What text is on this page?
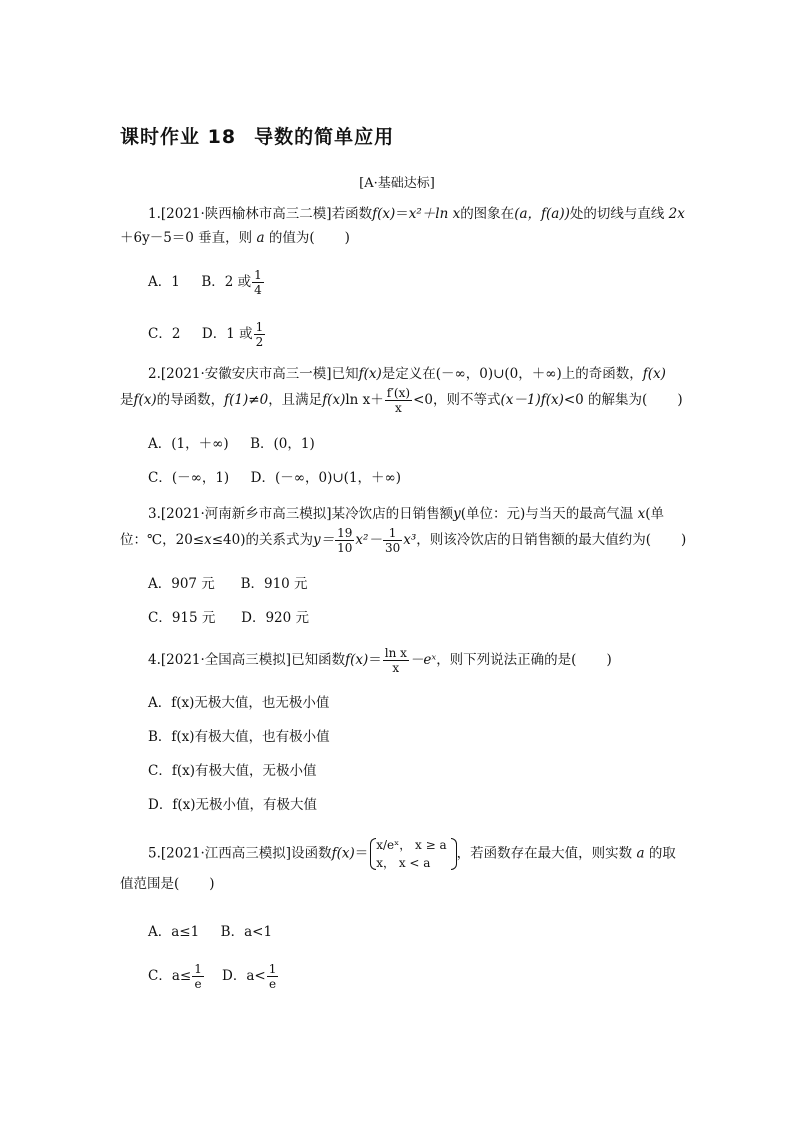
课时作业 18 导数的简单应用
[A·基础达标]
1.[2021·陕西榆林市高三二模]若函数f(x)＝x²＋ln x的图象在(a，f(a))处的切线与直线 2x
＋6y－5＝0 垂直，则 a 的值为( )
A．1 B．2 或 $\frac{1}{4}$
C．2 D．1 或 $\frac{1}{2}$
2.[2021·安徽安庆市高三一模]已知f(x)是定义在(－∞，0)∪(0，＋∞)上的奇函数，f(x)
是f(x)的导函数，f(1)≠0，且满足f(x)ln $x+ \frac{f'(x)}{x} <0$，则不等式(x－1)f(x)<0 的解集为( )
A．(1，＋∞) B．(0，1)
C．(－∞，1) D．(－∞，0)∪(1，＋∞)
3.[2021·河南新乡市高三模拟]某冷饮店的日销售额y(单位：元)与当天的最高气温 x(单
位：℃，20≤x≤40)的关系式为$y= \frac{19}{10} x^2- \frac{1}{30} x^3$，则该冷饮店的日销售额的最大值约为( )
A．907 元 B．910 元
C．915 元 D．920 元
4.[2021·全国高三模拟]已知函数$f(x)= \frac{\text{ln x}}{x}$ －eˣ，则下列说法正确的是( )
A．f(x)无极大值，也无极小值
B．f(x)有极大值，也有极小值
C．f(x)有极大值，无极小值
D．f(x)无极小值，有极大值
5.[2021·江西高三模拟]设函数f(x)＝
x/eˣ， x ≥ a
x， x < a
，若函数存在最大值，则实数 a 的取
值范围是( )
A．a≤1 B．a<1
C．$a\le \frac{1}{e}$ D．$a< \frac{1}{e}$
